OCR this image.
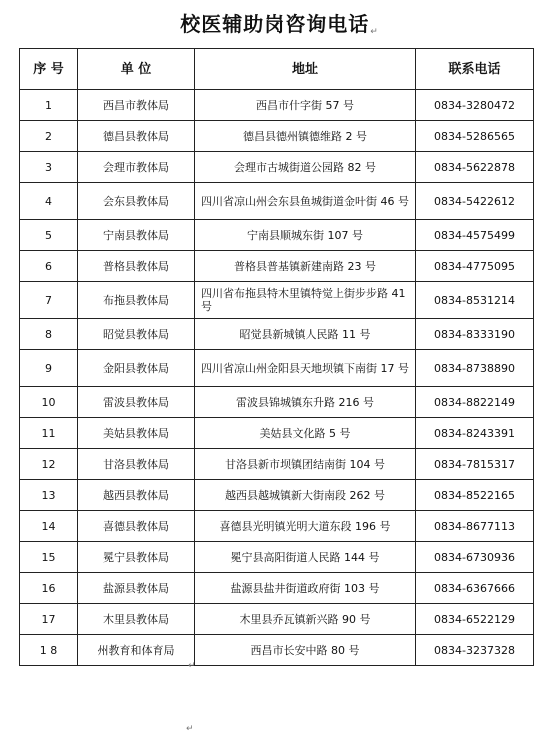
校医辅助岗咨询电话↵
序 号	单 位	地址	联系电话
1	西昌市教体局	西昌市什字街 57 号	0834-3280472
2	德昌县教体局	德昌县德州镇德维路 2 号	0834-5286565
3	会理市教体局	会理市古城街道公园路 82 号	0834-5622878
4	会东县教体局	四川省凉山州会东县鱼城街道金叶街 46 号	0834-5422612
5	宁南县教体局	宁南县顺城东街 107 号	0834-4575499
6	普格县教体局	普格县普基镇新建南路 23 号	0834-4775095
7	布拖县教体局	四川省布拖县特木里镇特觉上街步步路 41 号	0834-8531214
8	昭觉县教体局	昭觉县新城镇人民路 11 号	0834-8333190
9	金阳县教体局	四川省凉山州金阳县天地坝镇下南街 17 号	0834-8738890
10	雷波县教体局	雷波县锦城镇东升路 216 号	0834-8822149
11	美姑县教体局	美姑县文化路 5 号	0834-8243391
12	甘洛县教体局	甘洛县新市坝镇团结南街 104 号	0834-7815317
13	越西县教体局	越西县越城镇新大街南段 262 号	0834-8522165
14	喜德县教体局	喜德县光明镇光明大道东段 196 号	0834-8677113
15	冕宁县教体局	冕宁县高阳街道人民路 144 号	0834-6730936
16	盐源县教体局	盐源县盐井街道政府街 103 号	0834-6367666
17	木里县教体局	木里县乔瓦镇新兴路 90 号	0834-6522129
1 8	州教育和体育局	西昌市长安中路 80 号	0834-3237328
↵
↵
